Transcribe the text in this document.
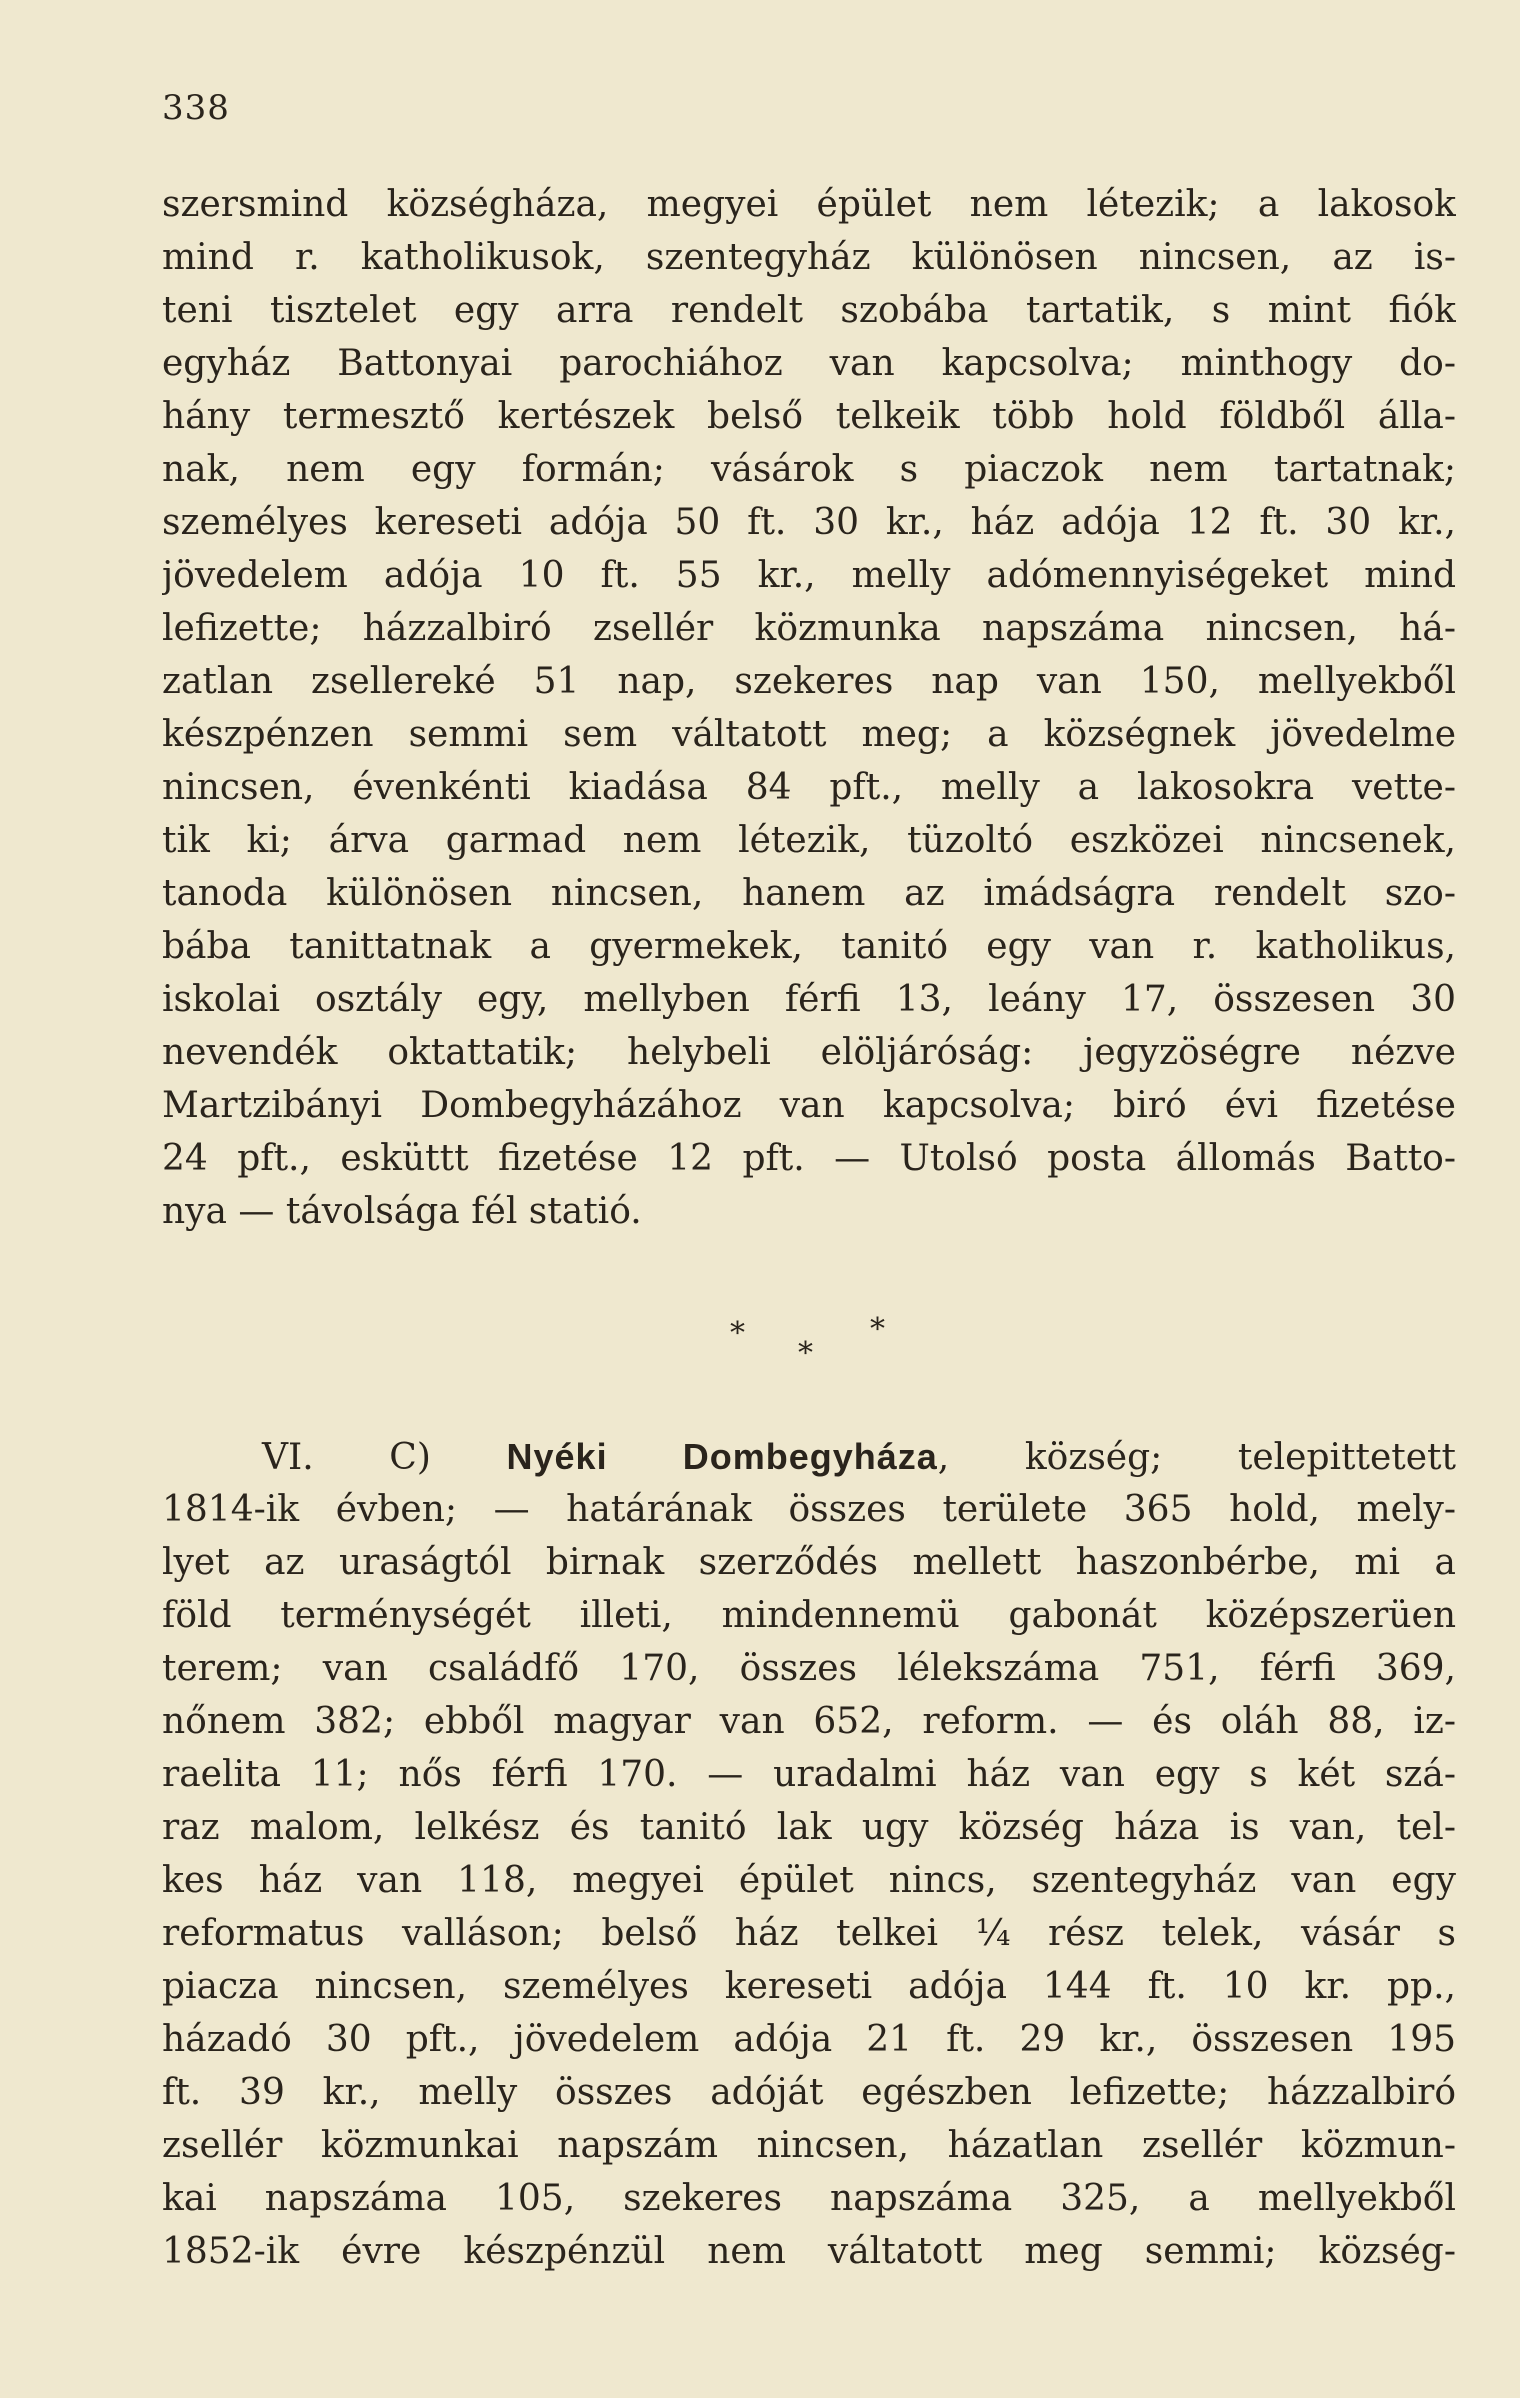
338
szersmind községháza, megyei épület nem létezik; a lakosok
mind r. katholikusok, szentegyház különösen nincsen, az is-
teni tisztelet egy arra rendelt szobába tartatik, s mint fiók
egyház Battonyai parochiához van kapcsolva; minthogy do-
hány termesztő kertészek belső telkeik több hold földből álla-
nak, nem egy formán; vásárok s piaczok nem tartatnak;
személyes kereseti adója 50 ft. 30 kr., ház adója 12 ft. 30 kr.,
jövedelem adója 10 ft. 55 kr., melly adómennyiségeket mind
lefizette; házzalbiró zsellér közmunka napszáma nincsen, há-
zatlan zsellereké 51 nap, szekeres nap van 150, mellyekből
készpénzen semmi sem váltatott meg; a községnek jövedelme
nincsen, évenkénti kiadása 84 pft., melly a lakosokra vette-
tik ki; árva garmad nem létezik, tüzoltó eszközei nincsenek,
tanoda különösen nincsen, hanem az imádságra rendelt szo-
bába tanittatnak a gyermekek, tanitó egy van r. katholikus,
iskolai osztály egy, mellyben férfi 13, leány 17, összesen 30
nevendék oktattatik; helybeli elöljáróság: jegyzöségre nézve
Martzibányi Dombegyházához van kapcsolva; biró évi fizetése
24 pft., esküttt fizetése 12 pft. — Utolsó posta állomás Batto-
nya — távolsága fél statió.
*
*
*
VI. C) Nyéki Dombegyháza, község; telepittetett
1814-ik évben; — határának összes területe 365 hold, mely-
lyet az uraságtól birnak szerződés mellett haszonbérbe, mi a
föld terménységét illeti, mindennemü gabonát középszerüen
terem; van családfő 170, összes lélekszáma 751, férfi 369,
nőnem 382; ebből magyar van 652, reform. — és oláh 88, iz-
raelita 11; nős férfi 170. — uradalmi ház van egy s két szá-
raz malom, lelkész és tanitó lak ugy község háza is van, tel-
kes ház van 118, megyei épület nincs, szentegyház van egy
reformatus valláson; belső ház telkei ¼ rész telek, vásár s
piacza nincsen, személyes kereseti adója 144 ft. 10 kr. pp.,
házadó 30 pft., jövedelem adója 21 ft. 29 kr., összesen 195
ft. 39 kr., melly összes adóját egészben lefizette; házzalbiró
zsellér közmunkai napszám nincsen, házatlan zsellér közmun-
kai napszáma 105, szekeres napszáma 325, a mellyekből
1852-ik évre készpénzül nem váltatott meg semmi; község-
